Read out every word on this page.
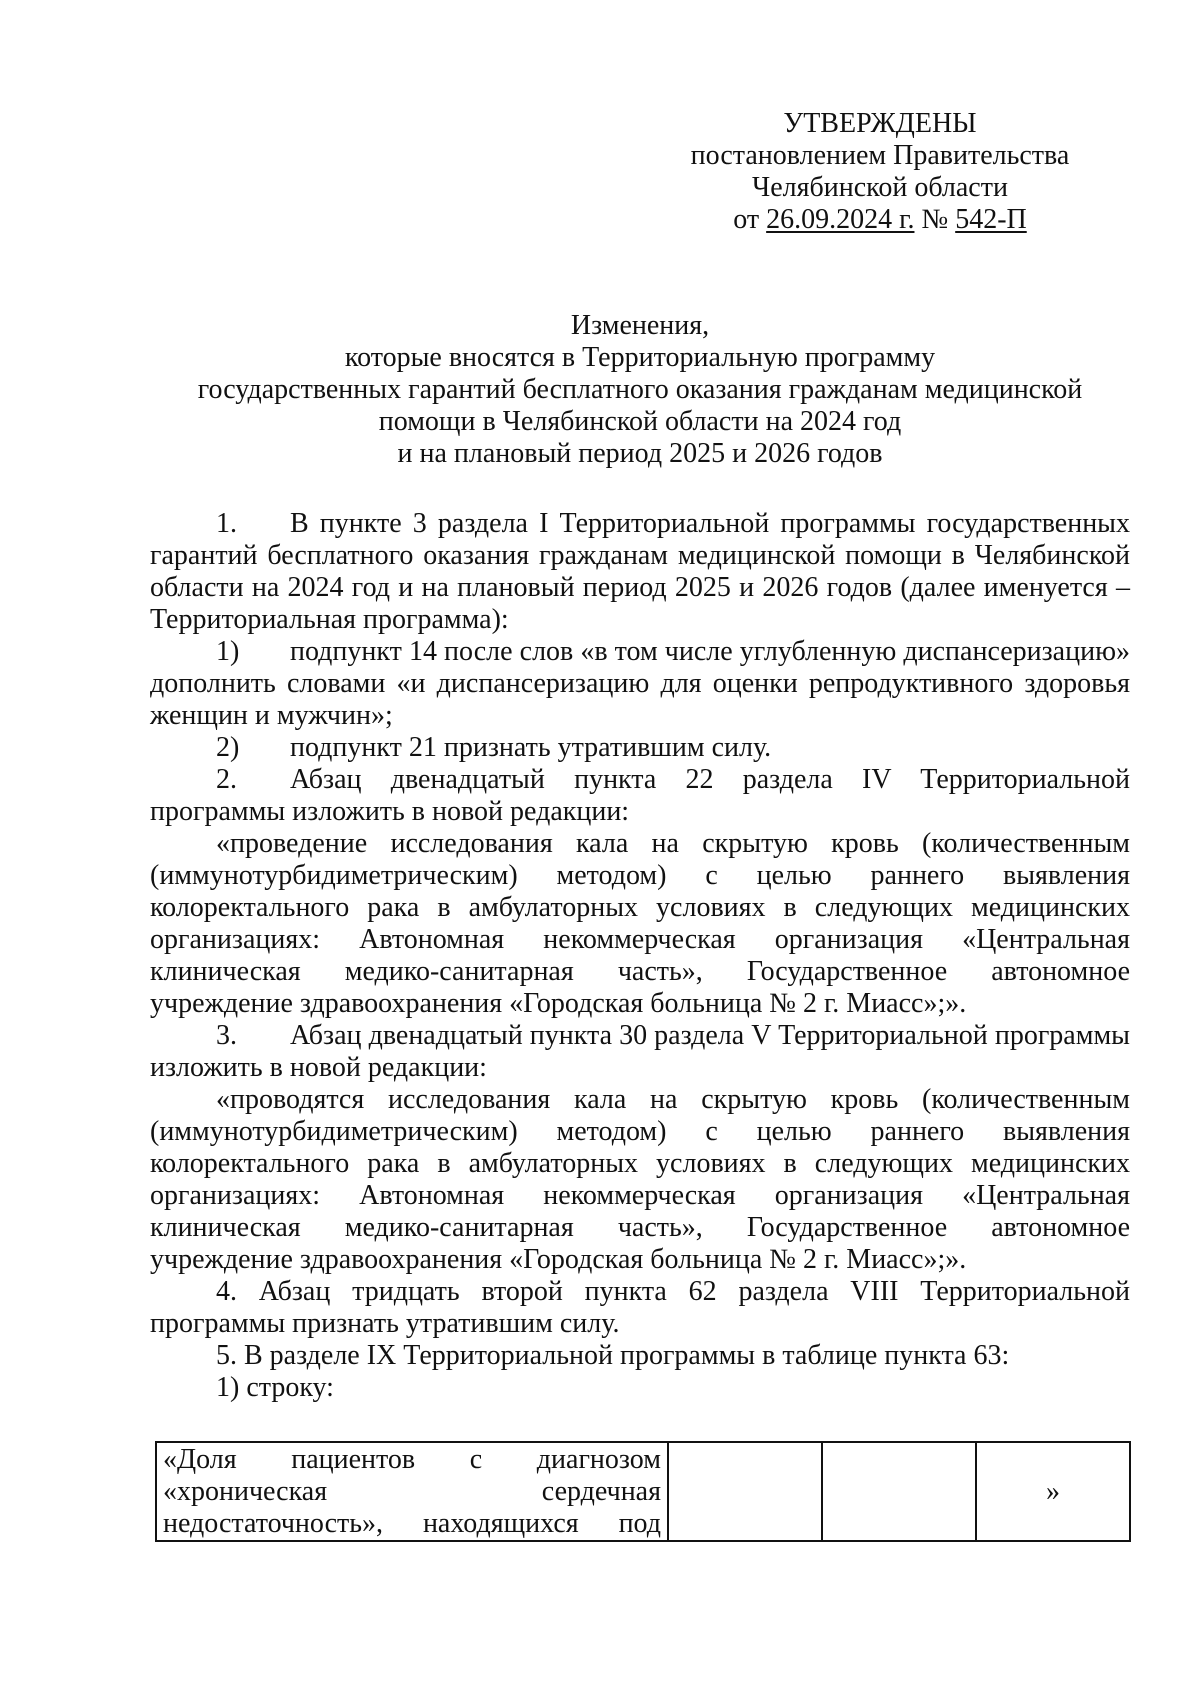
УТВЕРЖДЕНЫ
постановлением Правительства
Челябинской области
от 26.09.2024 г. № 542-П
Изменения,
которые вносятся в Территориальную программу
государственных гарантий бесплатного оказания гражданам медицинской
помощи в Челябинской области на 2024 год
и на плановый период 2025 и 2026 годов

1. В пункте 3 раздела I Территориальной программы государственных гарантий бесплатного оказания гражданам медицинской помощи в Челябинской области на 2024 год и на плановый период 2025 и 2026 годов (далее именуется – Территориальная программа):

1) подпункт 14 после слов «в том числе углубленную диспансеризацию» дополнить словами «и диспансеризацию для оценки репродуктивного здоровья женщин и мужчин»;

2) подпункт 21 признать утратившим силу.

2. Абзац двенадцатый пункта 22 раздела IV Территориальной программы изложить в новой редакции:

«проведение исследования кала на скрытую кровь (количественным (иммунотурбидиметрическим) методом) с целью раннего выявления колоректального рака в амбулаторных условиях в следующих медицинских организациях: Автономная некоммерческая организация «Центральная клиническая медико-санитарная часть», Государственное автономное учреждение здравоохранения «Городская больница № 2 г. Миасс»;».

3. Абзац двенадцатый пункта 30 раздела V Территориальной программы изложить в новой редакции:

«проводятся исследования кала на скрытую кровь (количественным (иммунотурбидиметрическим) методом) с целью раннего выявления колоректального рака в амбулаторных условиях в следующих медицинских организациях: Автономная некоммерческая организация «Центральная клиническая медико-санитарная часть», Государственное автономное учреждение здравоохранения «Городская больница № 2 г. Миасс»;».

4. Абзац тридцать второй пункта 62 раздела VIII Территориальной программы признать утратившим силу.

5. В разделе IX Территориальной программы в таблице пункта 63:

1) строку:

«Доля пациентов с диагнозом «хроническая сердечная недостаточность», находящихся под			»
